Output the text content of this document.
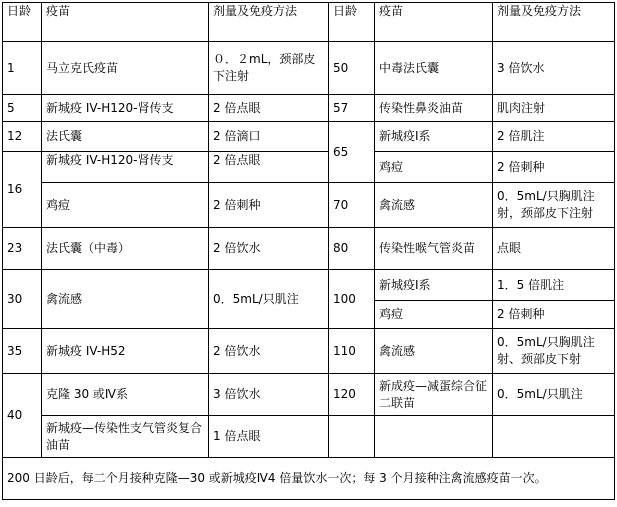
日龄	疫苗	剂量及免疫方法	日龄	疫苗	剂量及免疫方法
1	马立克氏疫苗	０．２mL，颈部皮下注射	50	中毒法氏囊	3 倍饮水
5	新城疫 IV-H120-肾传支	2 倍点眼	57	传染性鼻炎油苗	肌肉注射
12	法氏囊	2 倍滴口	65	新城疫Ⅰ系	2 倍肌注
16	新城疫 IV-H120-肾传支	2 倍点眼		鸡痘	2 倍刺种
	鸡痘	2 倍刺种	70	禽流感	0．5mL/只胸肌注射，颈部皮下注射
23	法氏囊（中毒）	2 倍饮水	80	传染性喉气管炎苗	点眼
30	禽流感	0．5mL/只肌注	100	新城疫Ⅰ系	1．5 倍肌注
				鸡痘	2 倍刺种
35	新城疫 IV-H52	2 倍饮水	110	禽流感	0．5mL/只胸肌注射、颈部皮下射
40	克隆 30 或Ⅳ系	3 倍饮水	120	新成疫—减蛋综合征二联苗	0．5mL/只肌注
	新城疫—传染性支气管炎复合油苗	1 倍点眼			
200 日龄后，每二个月接种克隆—30 或新城疫Ⅳ4 倍量饮水一次；每 3 个月接种注禽流感疫苗一次。					
